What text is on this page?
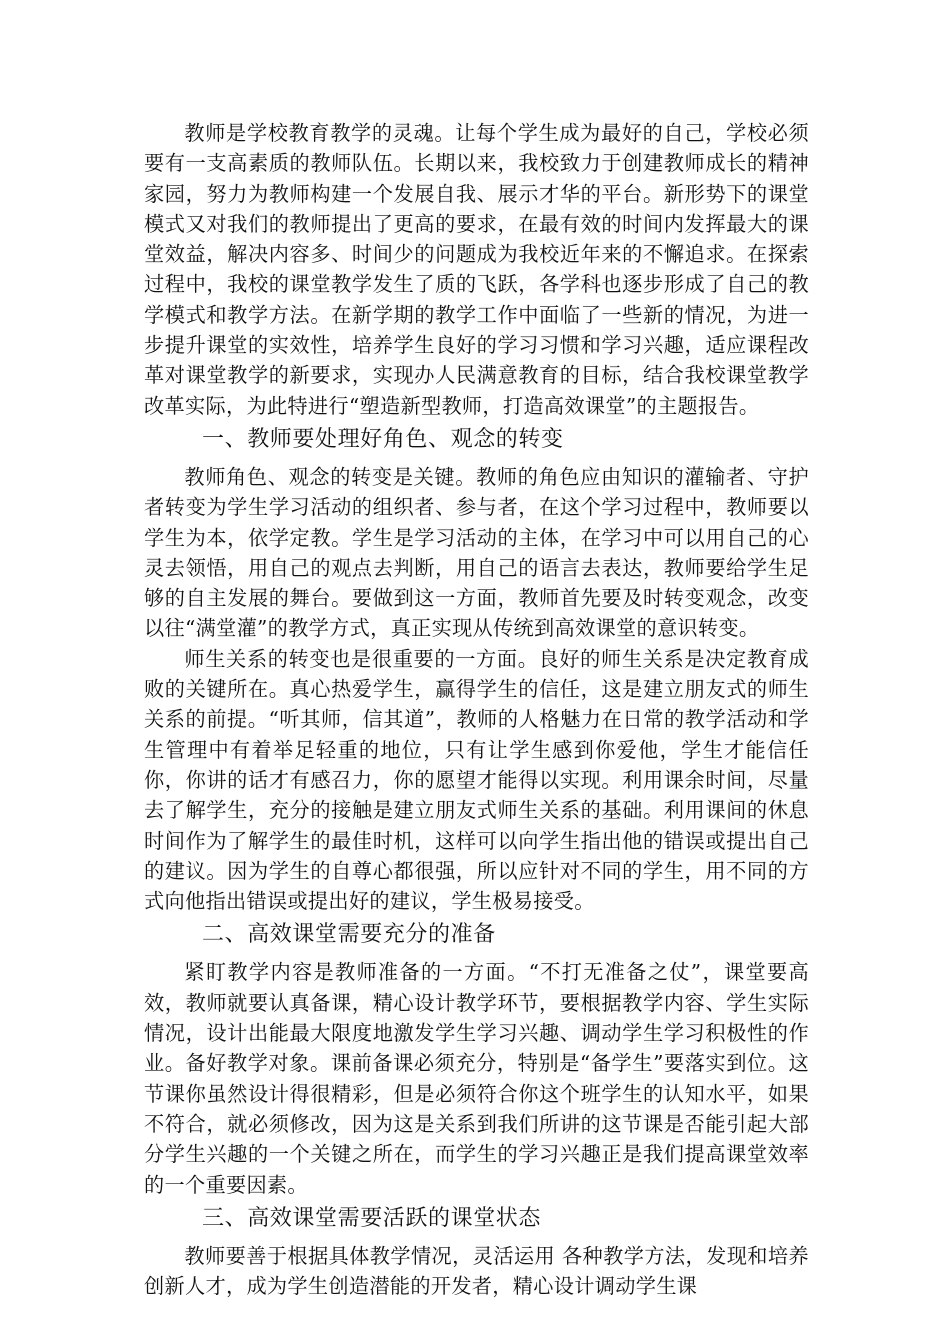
教师是学校教育教学的灵魂。让每个学生成为最好的自己，学校必须要有一支高素质的教师队伍。长期以来，我校致力于创建教师成长的精神家园，努力为教师构建一个发展自我、展示才华的平台。新形势下的课堂模式又对我们的教师提出了更高的要求，在最有效的时间内发挥最大的课堂效益，解决内容多、时间少的问题成为我校近年来的不懈追求。在探索过程中，我校的课堂教学发生了质的飞跃，各学科也逐步形成了自己的教学模式和教学方法。在新学期的教学工作中面临了一些新的情况，为进一步提升课堂的实效性，培养学生良好的学习习惯和学习兴趣，适应课程改革对课堂教学的新要求，实现办人民满意教育的目标，结合我校课堂教学改革实际，为此特进行“塑造新型教师，打造高效课堂”的主题报告。

一、教师要处理好角色、观念的转变

教师角色、观念的转变是关键。教师的角色应由知识的灌输者、守护者转变为学生学习活动的组织者、参与者，在这个学习过程中，教师要以学生为本，依学定教。学生是学习活动的主体，在学习中可以用自己的心灵去领悟，用自己的观点去判断，用自己的语言去表达，教师要给学生足够的自主发展的舞台。要做到这一方面，教师首先要及时转变观念，改变以往“满堂灌”的教学方式，真正实现从传统到高效课堂的意识转变。

师生关系的转变也是很重要的一方面。良好的师生关系是决定教育成败的关键所在。真心热爱学生，赢得学生的信任，这是建立朋友式的师生关系的前提。“听其师，信其道”，教师的人格魅力在日常的教学活动和学生管理中有着举足轻重的地位，只有让学生感到你爱他，学生才能信任你，你讲的话才有感召力，你的愿望才能得以实现。利用课余时间，尽量去了解学生，充分的接触是建立朋友式师生关系的基础。利用课间的休息时间作为了解学生的最佳时机，这样可以向学生指出他的错误或提出自己的建议。因为学生的自尊心都很强，所以应针对不同的学生，用不同的方式向他指出错误或提出好的建议，学生极易接受。

二、高效课堂需要充分的准备

紧盯教学内容是教师准备的一方面。“不打无准备之仗”，课堂要高效，教师就要认真备课，精心设计教学环节，要根据教学内容、学生实际情况，设计出能最大限度地激发学生学习兴趣、调动学生学习积极性的作业。备好教学对象。课前备课必须充分，特别是“备学生”要落实到位。这节课你虽然设计得很精彩，但是必须符合你这个班学生的认知水平，如果不符合，就必须修改，因为这是关系到我们所讲的这节课是否能引起大部分学生兴趣的一个关键之所在，而学生的学习兴趣正是我们提高课堂效率的一个重要因素。

三、高效课堂需要活跃的课堂状态

教师要善于根据具体教学情况，灵活运用 各种教学方法，发现和培养创新人才，成为学生创造潜能的开发者，精心设计调动学生课
